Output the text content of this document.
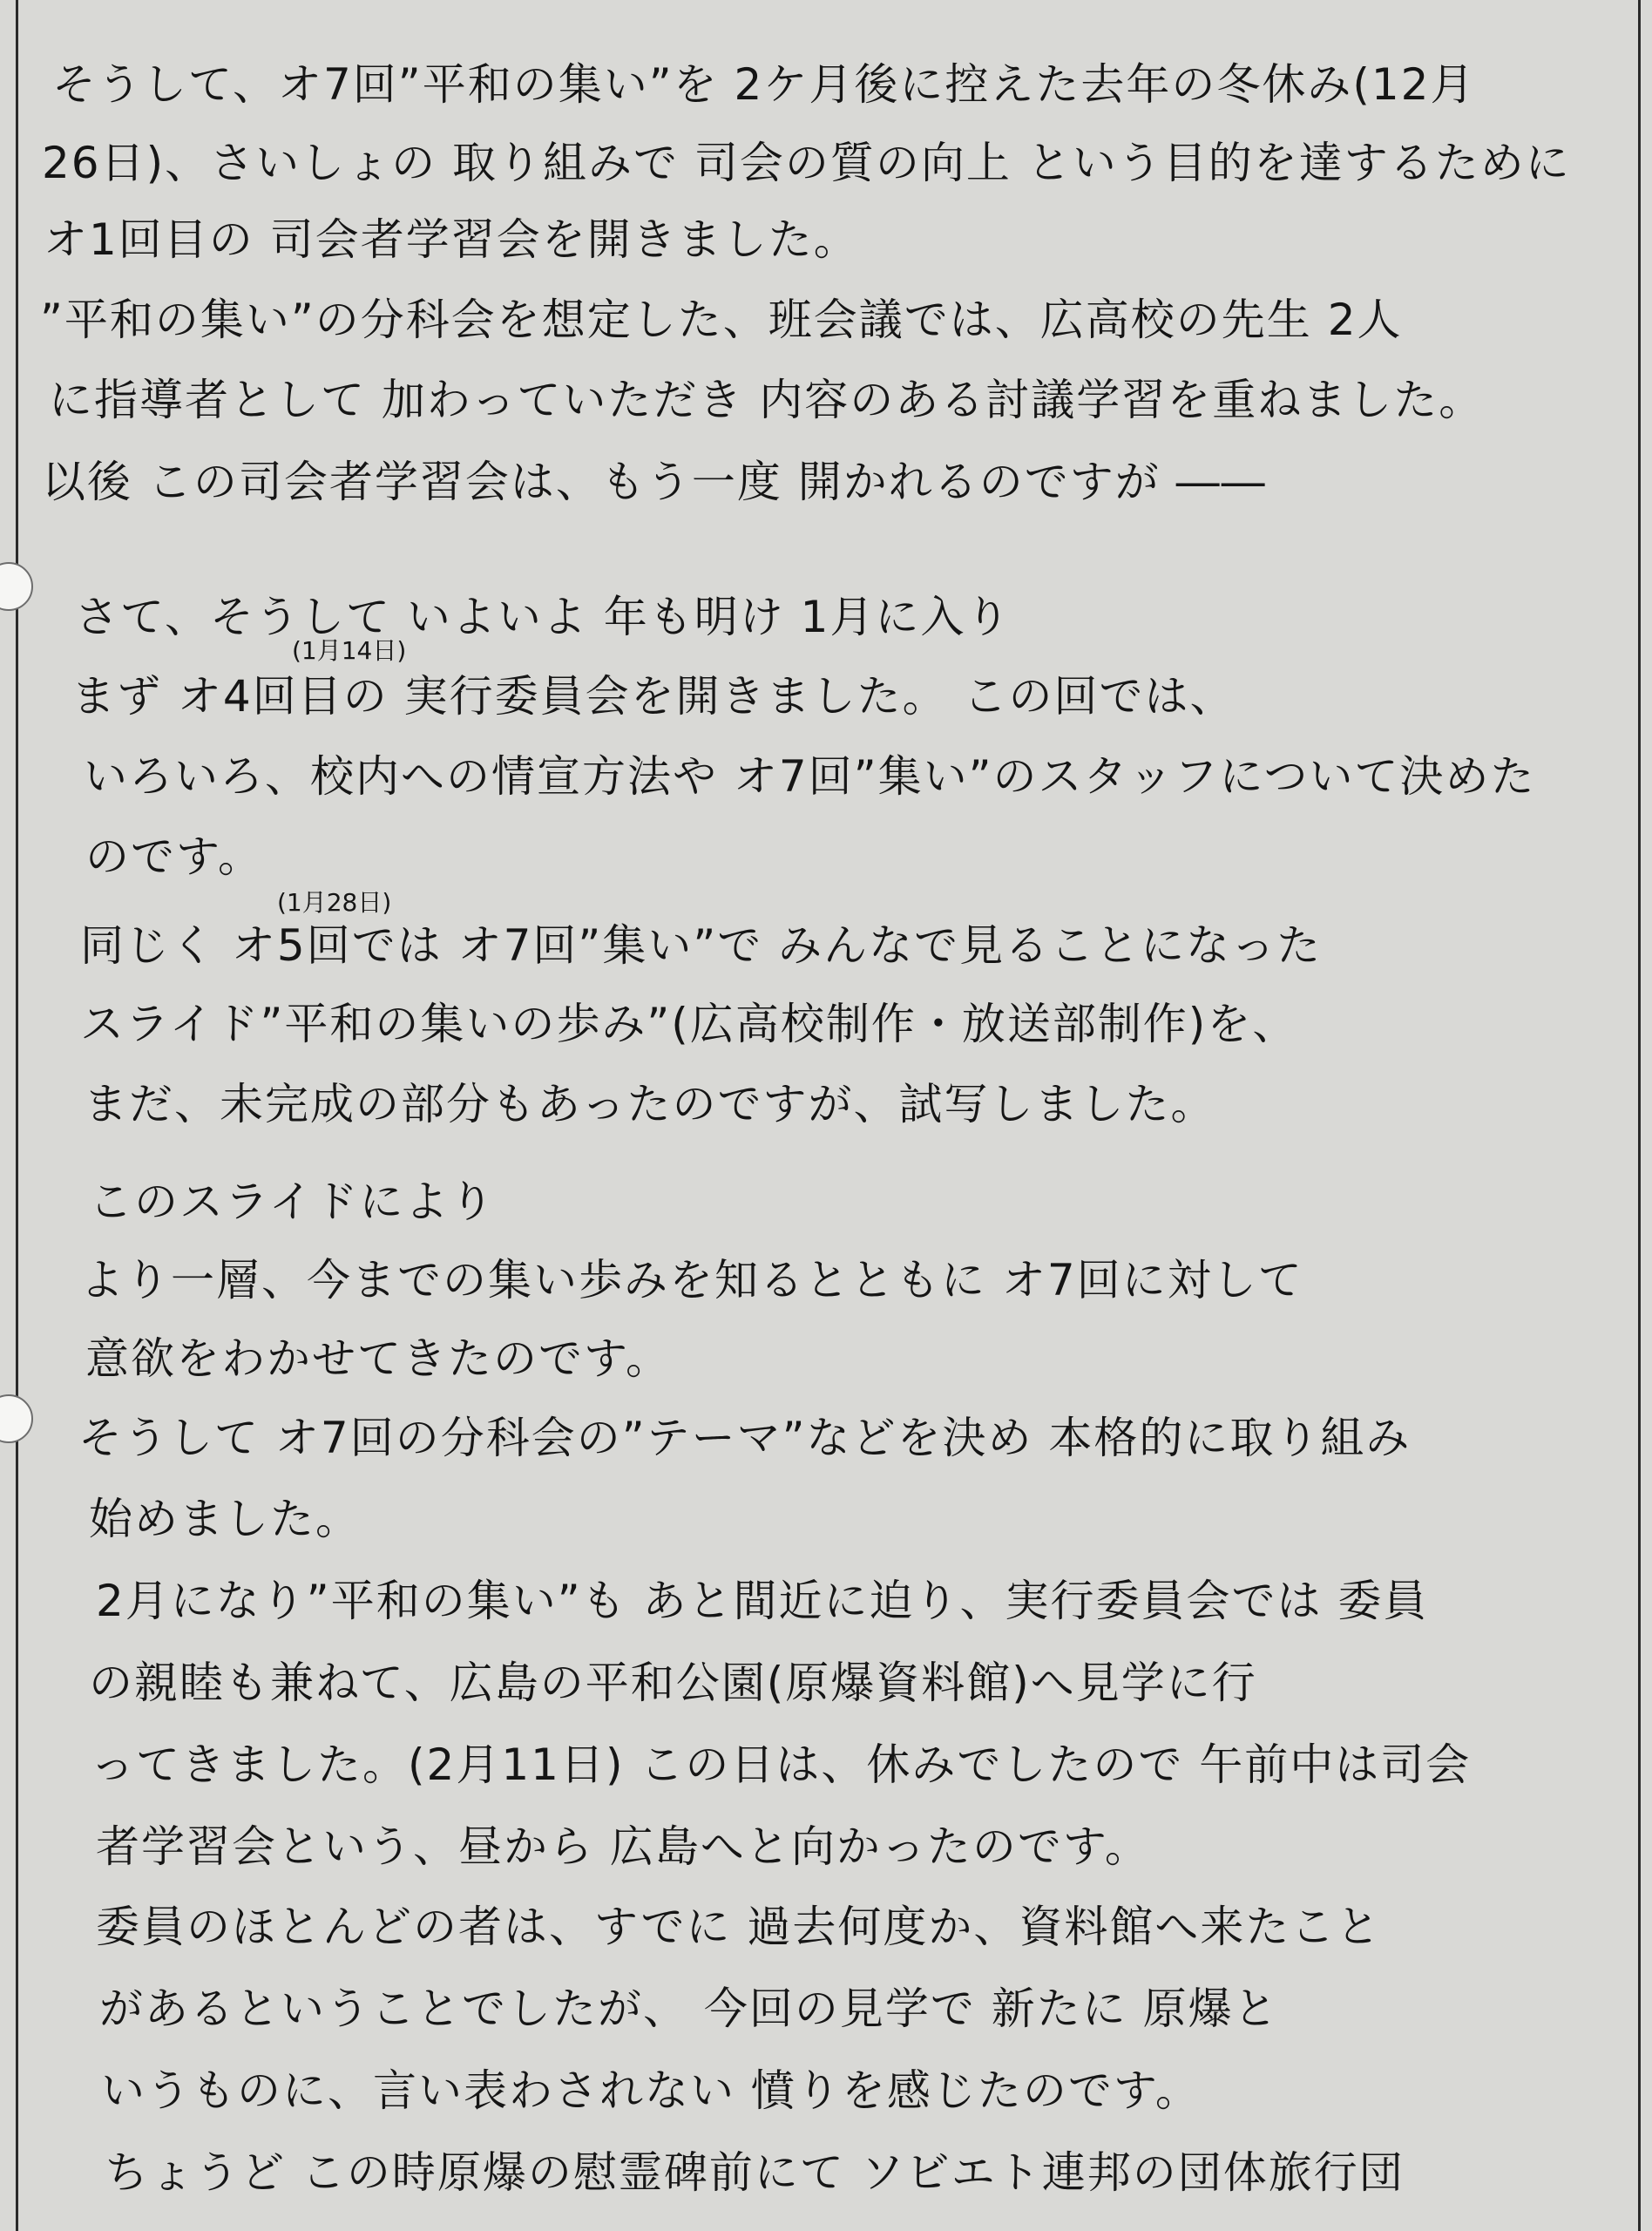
そうして、オ7回”平和の集い”を 2ケ月後に控えた去年の冬休み(12月
26日)、さいしょの 取り組みで 司会の質の向上 という目的を達するために
オ1回目の 司会者学習会を開きました。
”平和の集い”の分科会を想定した、班会議では、広高校の先生 2人
に指導者として 加わっていただき 内容のある討議学習を重ねました。
以後 この司会者学習会は、もう一度 開かれるのですが ――
さて、そうして いよいよ 年も明け 1月に入り
(1月14日)
まず オ4回目の 実行委員会を開きました。 この回では、
いろいろ、校内への情宣方法や オ7回”集い”のスタッフについて決めた
のです。
(1月28日)
同じく オ5回では オ7回”集い”で みんなで見ることになった
スライド”平和の集いの歩み”(広高校制作・放送部制作)を、
まだ、未完成の部分もあったのですが、試写しました。
このスライドにより
より一層、今までの集い歩みを知るとともに オ7回に対して
意欲をわかせてきたのです。
そうして オ7回の分科会の”テーマ”などを決め 本格的に取り組み
始めました。
2月になり”平和の集い”も あと間近に迫り、実行委員会では 委員
の親睦も兼ねて、広島の平和公園(原爆資料館)へ見学に行
ってきました。(2月11日) この日は、休みでしたので 午前中は司会
者学習会という、昼から 広島へと向かったのです。
委員のほとんどの者は、すでに 過去何度か、資料館へ来たこと
があるということでしたが、 今回の見学で 新たに 原爆と
いうものに、言い表わされない 憤りを感じたのです。
ちょうど この時原爆の慰霊碑前にて ソビエト連邦の団体旅行団
